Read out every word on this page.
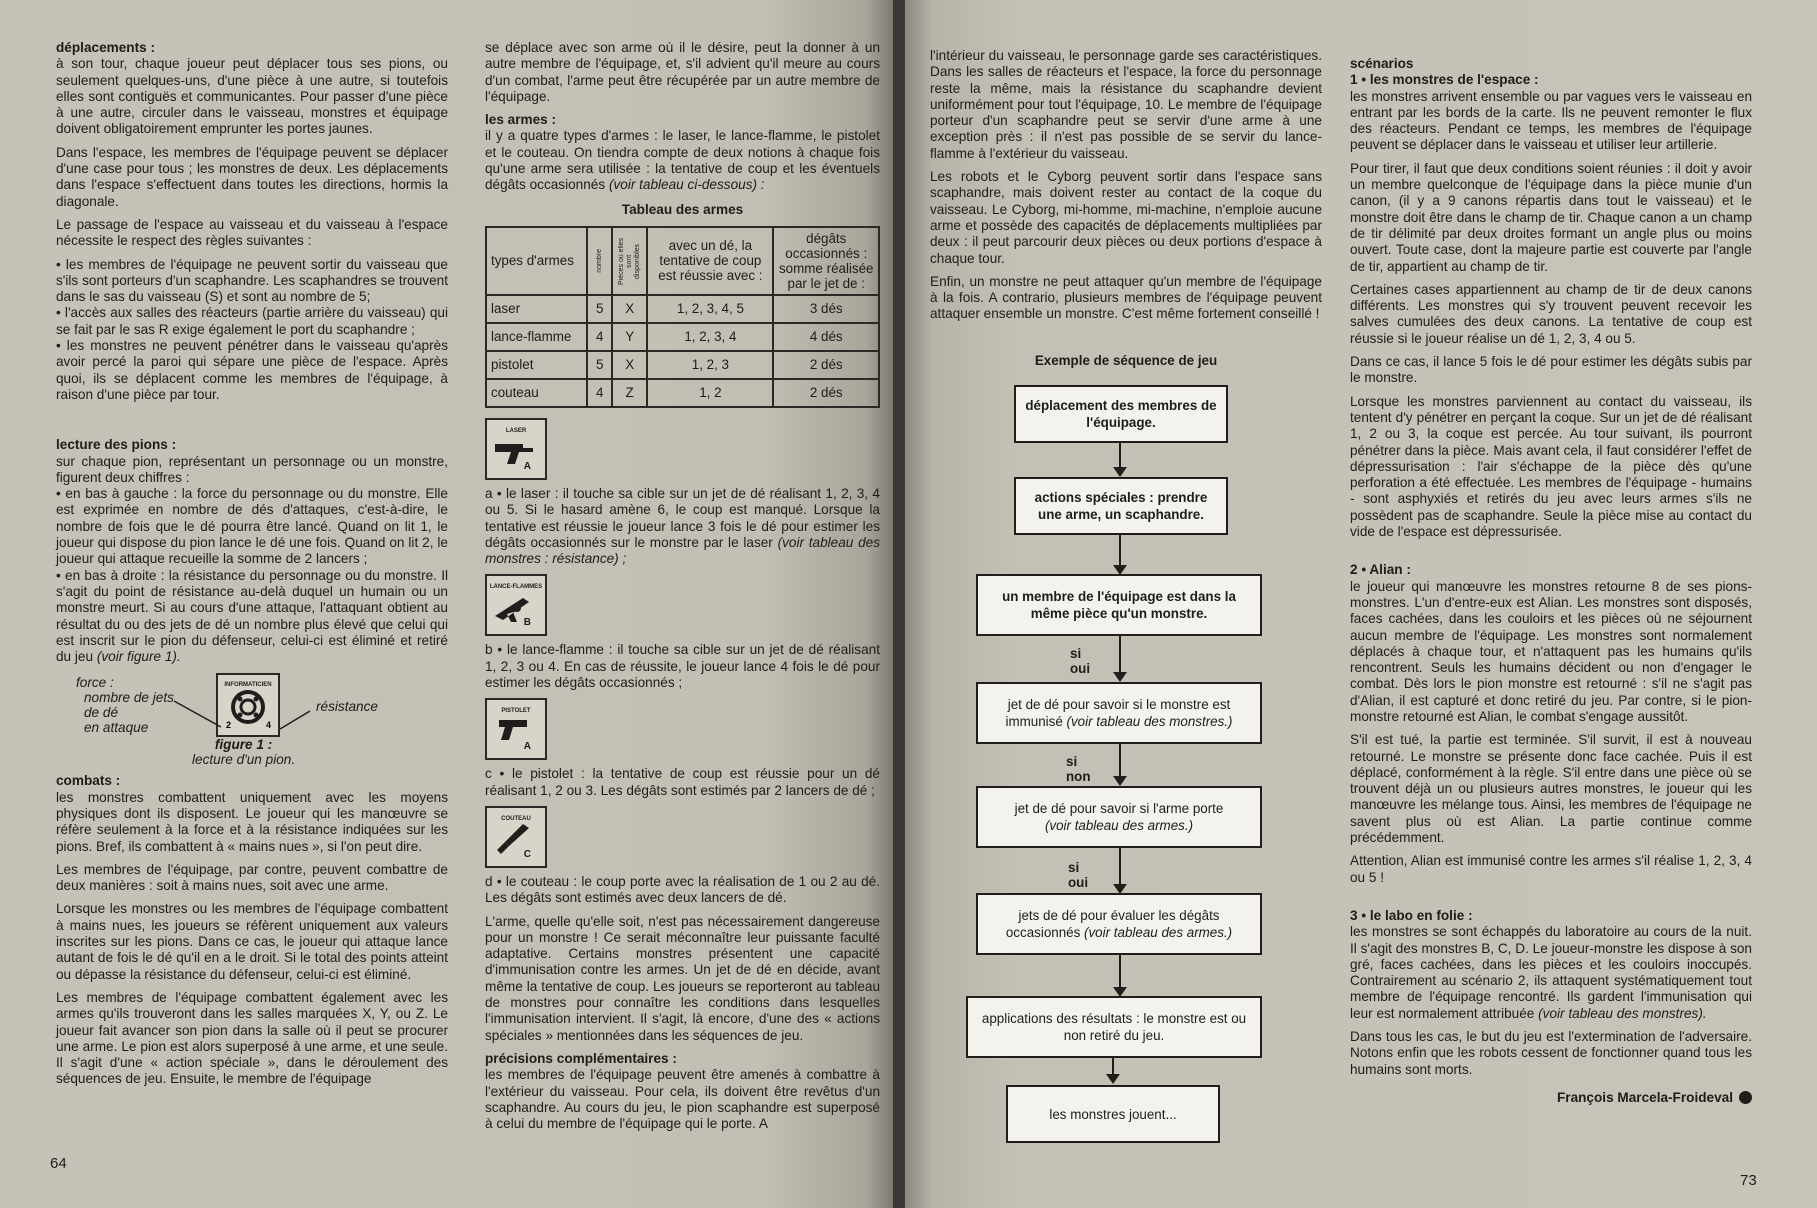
déplacements :

à son tour, chaque joueur peut déplacer tous ses pions, ou seulement quelques-uns, d'une pièce à une autre, si toutefois elles sont contiguës et communicantes. Pour passer d'une pièce à une autre, circuler dans le vaisseau, monstres et équipage doivent obligatoirement emprunter les portes jaunes.

Dans l'espace, les membres de l'équipage peuvent se déplacer d'une case pour tous ; les monstres de deux. Les déplacements dans l'espace s'effectuent dans toutes les directions, hormis la diagonale.

Le passage de l'espace au vaisseau et du vaisseau à l'espace nécessite le respect des règles suivantes :

• les membres de l'équipage ne peuvent sortir du vaisseau que s'ils sont porteurs d'un scaphandre. Les scaphandres se trouvent dans le sas du vaisseau (S) et sont au nombre de 5;
• l'accès aux salles des réacteurs (partie arrière du vaisseau) qui se fait par le sas R exige également le port du scaphandre ;
• les monstres ne peuvent pénétrer dans le vaisseau qu'après avoir percé la paroi qui sépare une pièce de l'espace. Après quoi, ils se déplacent comme les membres de l'équipage, à raison d'une pièce par tour.

lecture des pions :

sur chaque pion, représentant un personnage ou un monstre, figurent deux chiffres :

• en bas à gauche : la force du personnage ou du monstre. Elle est exprimée en nombre de dés d'attaques, c'est-à-dire, le nombre de fois que le dé pourra être lancé. Quand on lit 1, le joueur qui dispose du pion lance le dé une fois. Quand on lit 2, le joueur qui attaque recueille la somme de 2 lancers ;
• en bas à droite : la résistance du personnage ou du monstre. Il s'agit du point de résistance au-delà duquel un humain ou un monstre meurt. Si au cours d'une attaque, l'attaquant obtient au résultat du ou des jets de dé un nombre plus élevé que celui qui est inscrit sur le pion du défenseur, celui-ci est éliminé et retiré du jeu (voir figure 1).
force :
nombre de jets
de dé
en attaque
INFORMATICIEN
2	4
résistance
figure 1 :
lecture d'un pion.

combats :

les monstres combattent uniquement avec les moyens physiques dont ils disposent. Le joueur qui les manœuvre se réfère seulement à la force et à la résistance indiquées sur les pions. Bref, ils combattent à « mains nues », si l'on peut dire.

Les membres de l'équipage, par contre, peuvent combattre de deux manières : soit à mains nues, soit avec une arme.

Lorsque les monstres ou les membres de l'équipage combattent à mains nues, les joueurs se réfèrent uniquement aux valeurs inscrites sur les pions. Dans ce cas, le joueur qui attaque lance autant de fois le dé qu'il en a le droit. Si le total des points atteint ou dépasse la résistance du défenseur, celui-ci est éliminé.

Les membres de l'équipage combattent également avec les armes qu'ils trouveront dans les salles marquées X, Y, ou Z. Le joueur fait avancer son pion dans la salle où il peut se procurer une arme. Le pion est alors superposé à une arme, et une seule. Il s'agit d'une « action spéciale », dans le déroulement des séquences de jeu. Ensuite, le membre de l'équipage

64

se déplace avec son arme où il le désire, peut la donner à un autre membre de l'équipage, et, s'il advient qu'il meure au cours d'un combat, l'arme peut être récupérée par un autre membre de l'équipage.

les armes :

il y a quatre types d'armes : le laser, le lance-flamme, le pistolet et le couteau. On tiendra compte de deux notions à chaque fois qu'une arme sera utilisée : la tentative de coup et les éventuels dégâts occasionnés (voir tableau ci-dessous) :

Tableau des armes
types d'armes	nombre	Pièces où elles sont disponibles	avec un dé, la tentative de coup est réussie avec :	dégâts occasionnés : somme réalisée par le jet de :
laser	5	X	1, 2, 3, 4, 5	3 dés
lance-flamme	4	Y	1, 2, 3, 4	4 dés
pistolet	5	X	1, 2, 3	2 dés
couteau	4	Z	1, 2	2 dés
LASER
A

a • le laser : il touche sa cible sur un jet de dé réalisant 1, 2, 3, 4 ou 5. Si le hasard amène 6, le coup est manqué. Lorsque la tentative est réussie le joueur lance 3 fois le dé pour estimer les dégâts occasionnés sur le monstre par le laser (voir tableau des monstres : résistance) ;

LANCE-FLAMMES
B

b • le lance-flamme : il touche sa cible sur un jet de dé réalisant 1, 2, 3 ou 4. En cas de réussite, le joueur lance 4 fois le dé pour estimer les dégâts occasionnés ;

PISTOLET
A

c • le pistolet : la tentative de coup est réussie pour un dé réalisant 1, 2 ou 3. Les dégâts sont estimés par 2 lancers de dé ;

COUTEAU
C

d • le couteau : le coup porte avec la réalisation de 1 ou 2 au dé. Les dégâts sont estimés avec deux lancers de dé.

L'arme, quelle qu'elle soit, n'est pas nécessairement dangereuse pour un monstre ! Ce serait méconnaître leur puissante faculté adaptative. Certains monstres présentent une capacité d'immunisation contre les armes. Un jet de dé en décide, avant même la tentative de coup. Les joueurs se reporteront au tableau de monstres pour connaître les conditions dans lesquelles l'immunisation intervient. Il s'agit, là encore, d'une des « actions spéciales » mentionnées dans les séquences de jeu.

précisions complémentaires :

les membres de l'équipage peuvent être amenés à combattre à l'extérieur du vaisseau. Pour cela, ils doivent être revêtus d'un scaphandre. Au cours du jeu, le pion scaphandre est superposé à celui du membre de l'équipage qui le porte. A

l'intérieur du vaisseau, le personnage garde ses caractéristiques. Dans les salles de réacteurs et l'espace, la force du personnage reste la même, mais la résistance du scaphandre devient uniformément pour tout l'équipage, 10. Le membre de l'équipage porteur d'un scaphandre peut se servir d'une arme à une exception près : il n'est pas possible de se servir du lance-flamme à l'extérieur du vaisseau.

Les robots et le Cyborg peuvent sortir dans l'espace sans scaphandre, mais doivent rester au contact de la coque du vaisseau. Le Cyborg, mi-homme, mi-machine, n'emploie aucune arme et possède des capacités de déplacements multipliées par deux : il peut parcourir deux pièces ou deux portions d'espace à chaque tour.

Enfin, un monstre ne peut attaquer qu'un membre de l'équipage à la fois. A contrario, plusieurs membres de l'équipage peuvent attaquer ensemble un monstre. C'est même fortement conseillé !

Exemple de séquence de jeu
déplacement des membres de l'équipage.
actions spéciales : prendre une arme, un scaphandre.
un membre de l'équipage est dans la même pièce qu'un monstre.
si oui
jet de dé pour savoir si le monstre est immunisé (voir tableau des monstres.)
si non
jet de dé pour savoir si l'arme porte
(voir tableau des armes.)
si oui
jets de dé pour évaluer les dégâts occasionnés (voir tableau des armes.)
applications des résultats : le monstre est ou non retiré du jeu.
les monstres jouent...

scénarios

1 • les monstres de l'espace :

les monstres arrivent ensemble ou par vagues vers le vaisseau en entrant par les bords de la carte. Ils ne peuvent remonter le flux des réacteurs. Pendant ce temps, les membres de l'équipage peuvent se déplacer dans le vaisseau et utiliser leur artillerie.

Pour tirer, il faut que deux conditions soient réunies : il doit y avoir un membre quelconque de l'équipage dans la pièce munie d'un canon, (il y a 9 canons répartis dans tout le vaisseau) et le monstre doit être dans le champ de tir. Chaque canon a un champ de tir délimité par deux droites formant un angle plus ou moins ouvert. Toute case, dont la majeure partie est couverte par l'angle de tir, appartient au champ de tir.

Certaines cases appartiennent au champ de tir de deux canons différents. Les monstres qui s'y trouvent peuvent recevoir les salves cumulées des deux canons. La tentative de coup est réussie si le joueur réalise un dé 1, 2, 3, 4 ou 5.

Dans ce cas, il lance 5 fois le dé pour estimer les dégâts subis par le monstre.

Lorsque les monstres parviennent au contact du vaisseau, ils tentent d'y pénétrer en perçant la coque. Sur un jet de dé réalisant 1, 2 ou 3, la coque est percée. Au tour suivant, ils pourront pénétrer dans la pièce. Mais avant cela, il faut considérer l'effet de dépressurisation : l'air s'échappe de la pièce dès qu'une perforation a été effectuée. Les membres de l'équipage - humains - sont asphyxiés et retirés du jeu avec leurs armes s'ils ne possèdent pas de scaphandre. Seule la pièce mise au contact du vide de l'espace est dépressurisée.

2 • Alian :

le joueur qui manœuvre les monstres retourne 8 de ses pions-monstres. L'un d'entre-eux est Alian. Les monstres sont disposés, faces cachées, dans les couloirs et les pièces où ne séjournent aucun membre de l'équipage. Les monstres sont normalement déplacés à chaque tour, et n'attaquent pas les humains qu'ils rencontrent. Seuls les humains décident ou non d'engager le combat. Dès lors le pion monstre est retourné : s'il ne s'agit pas d'Alian, il est capturé et donc retiré du jeu. Par contre, si le pion-monstre retourné est Alian, le combat s'engage aussitôt.

S'il est tué, la partie est terminée. S'il survit, il est à nouveau retourné. Le monstre se présente donc face cachée. Puis il est déplacé, conformément à la règle. S'il entre dans une pièce où se trouvent déjà un ou plusieurs autres monstres, le joueur qui les manœuvre les mélange tous. Ainsi, les membres de l'équipage ne savent plus où est Alian. La partie continue comme précédemment.

Attention, Alian est immunisé contre les armes s'il réalise 1, 2, 3, 4 ou 5 !

3 • le labo en folie :

les monstres se sont échappés du laboratoire au cours de la nuit. Il s'agit des monstres B, C, D. Le joueur-monstre les dispose à son gré, faces cachées, dans les pièces et les couloirs inoccupés. Contrairement au scénario 2, ils attaquent systématiquement tout membre de l'équipage rencontré. Ils gardent l'immunisation qui leur est normalement attribuée (voir tableau des monstres).

Dans tous les cas, le but du jeu est l'extermination de l'adversaire. Notons enfin que les robots cessent de fonctionner quand tous les humains sont morts.

François Marcela-Froideval
73
